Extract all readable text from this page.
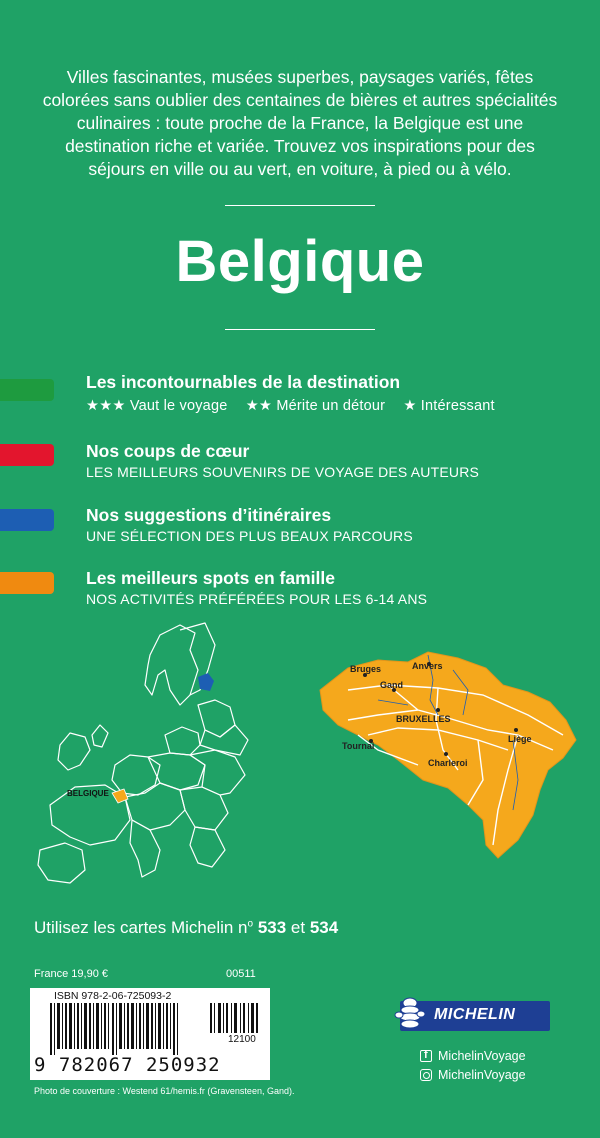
Villes fascinantes, musées superbes, paysages variés, fêtes colorées sans oublier des centaines de bières et autres spécialités culinaires : toute proche de la France, la Belgique est une destination riche et variée. Trouvez vos inspirations pour des séjours en ville ou au vert, en voiture, à pied ou à vélo.
Belgique
Les incontournables de la destination
★★★ Vaut le voyage ★★ Mérite un détour ★ Intéressant
Nos coups de cœur
LES MEILLEURS SOUVENIRS DE VOYAGE DES AUTEURS
Nos suggestions d’itinéraires
UNE SÉLECTION DES PLUS BEAUX PARCOURS
Les meilleurs spots en famille
NOS ACTIVITÉS PRÉFÉRÉES POUR LES 6-14 ANS
BELGIQUE
Bruges	Anvers
Gand
BRUXELLES
Tournai
Liège
Charleroi
Utilisez les cartes Michelin $n^o$ 533 et 534
France 19,90 €	00511
ISBN 978-2-06-725093-2
12100
9 782067 250932
Photo de couverture : Westend 61/hemis.fr (Gravensteen, Gand).
MICHELIN
f MichelinVoyage
MichelinVoyage
